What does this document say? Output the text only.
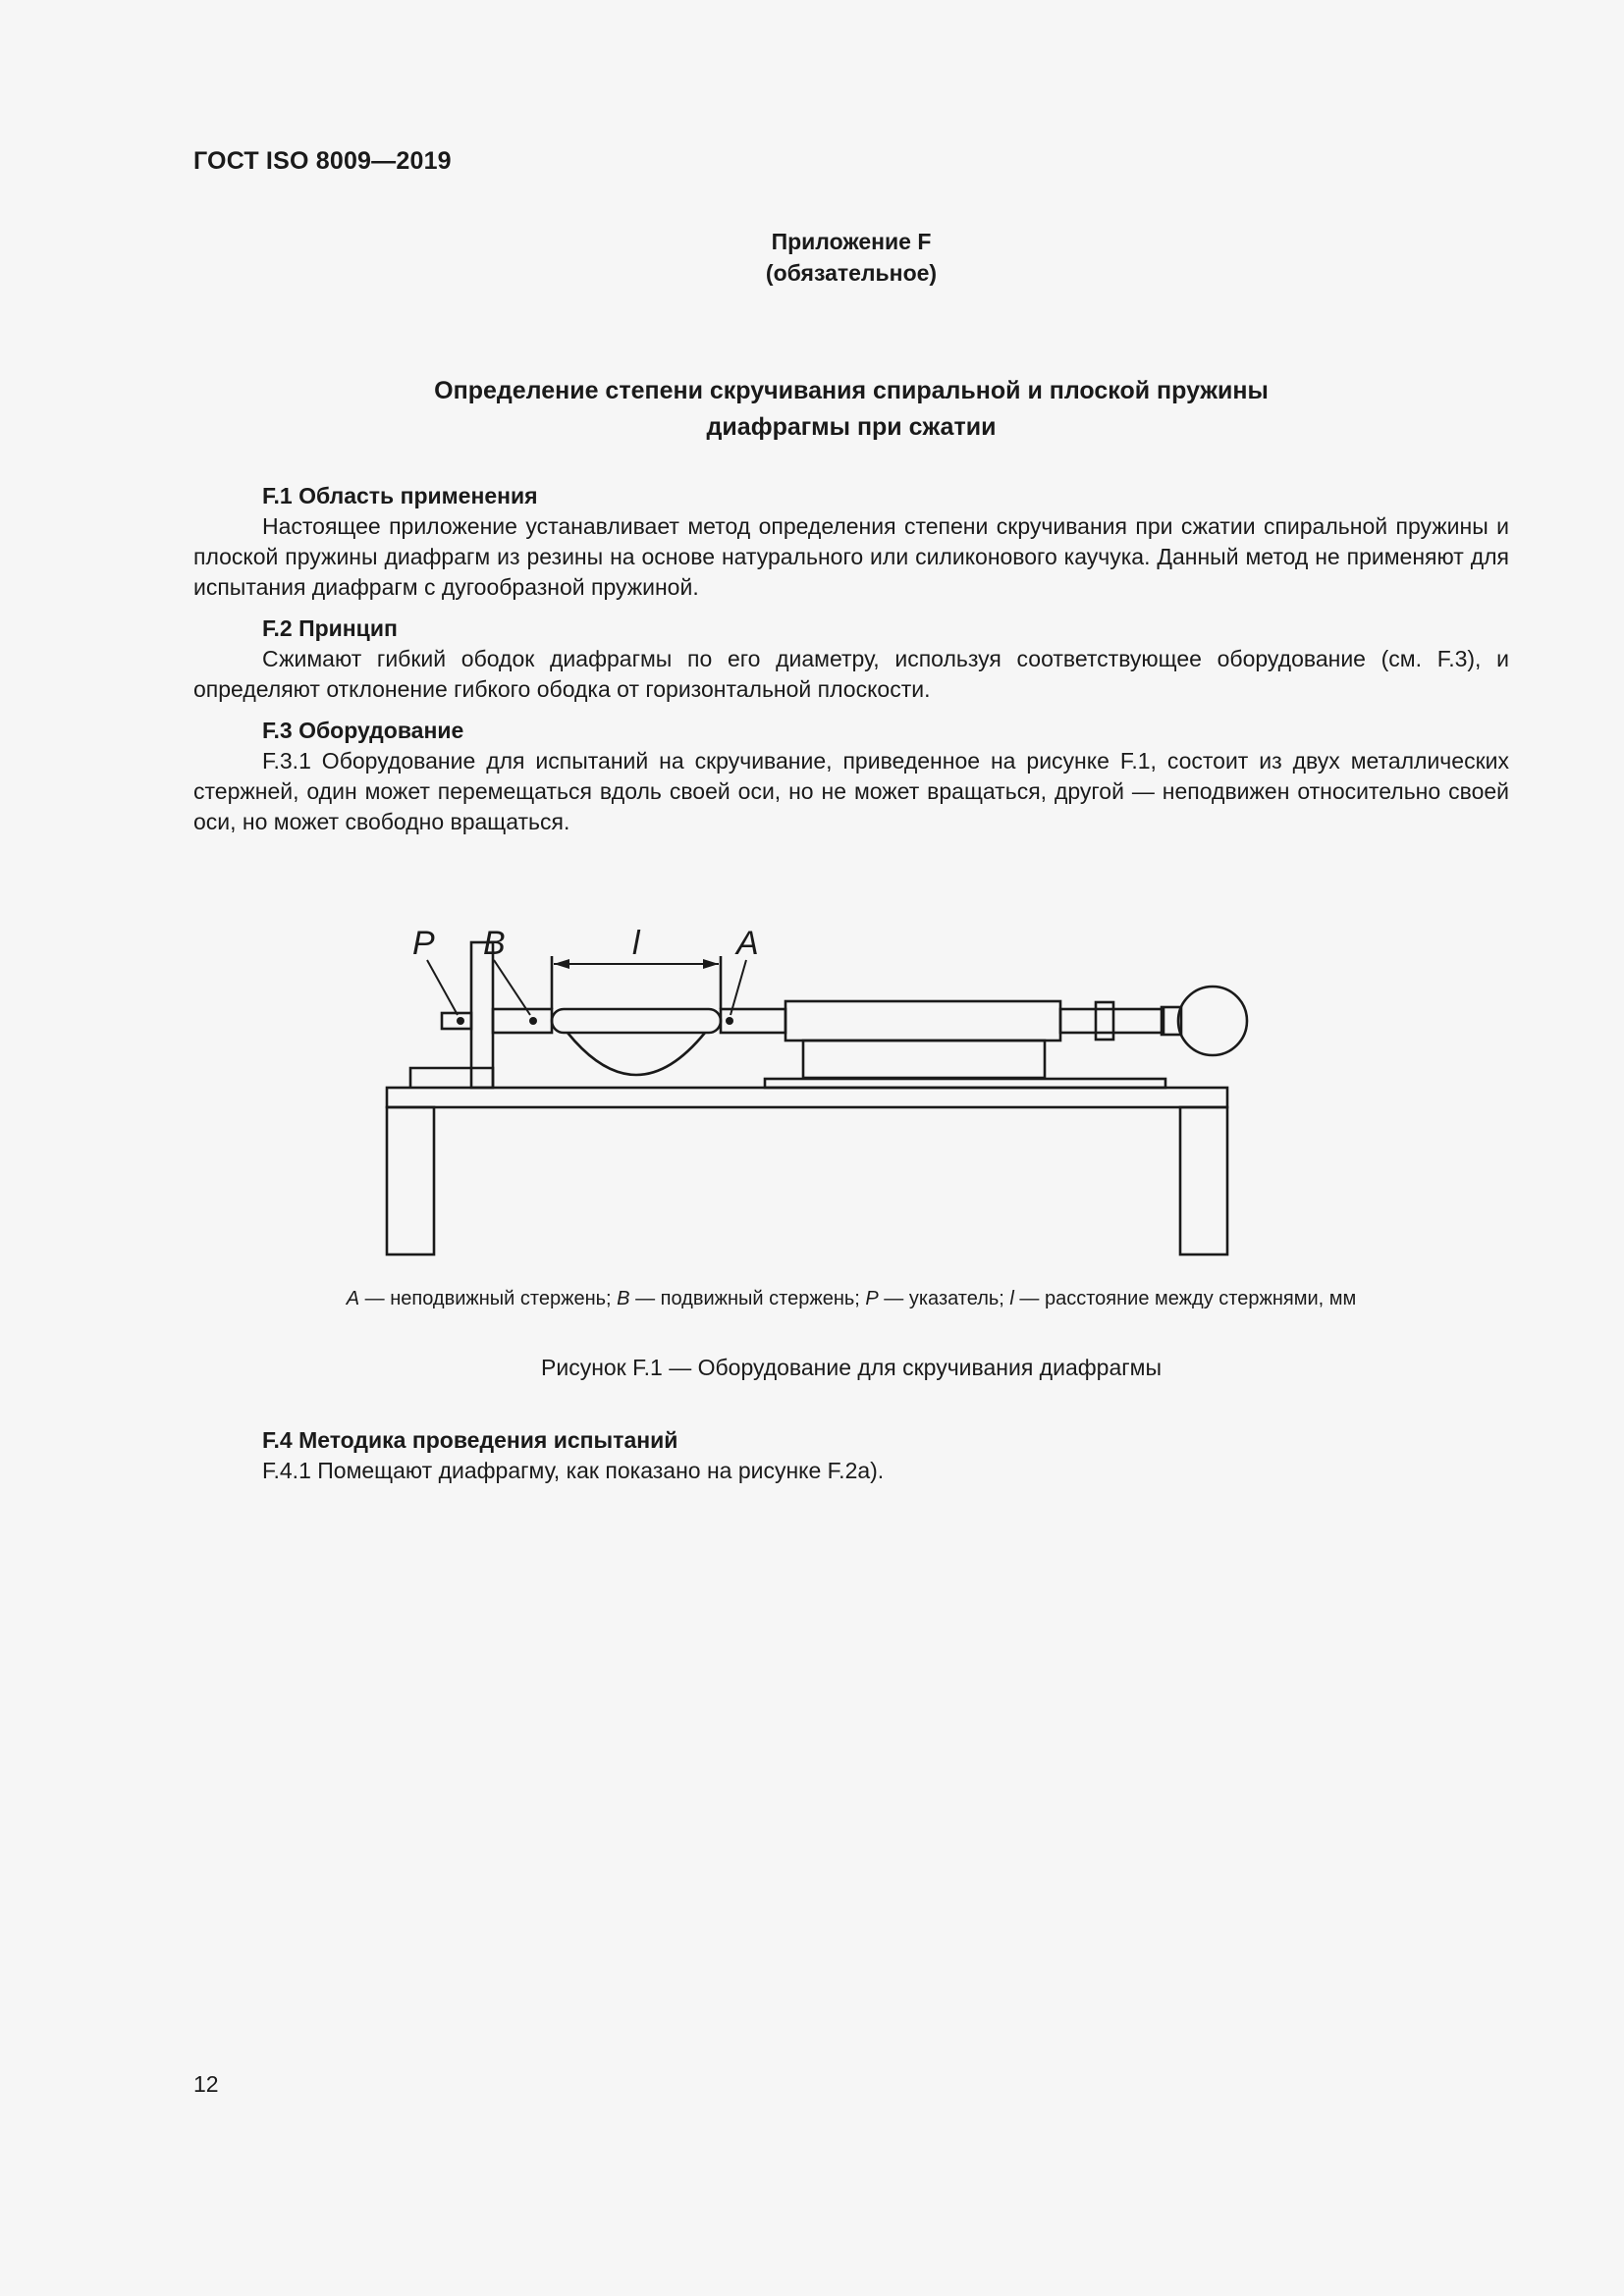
ГОСТ ISO 8009—2019
Приложение F
(обязательное)
Определение степени скручивания спиральной и плоской пружины
диафрагмы при сжатии
F.1 Область применения

Настоящее приложение устанавливает метод определения степени скручивания при сжатии спиральной пружины и плоской пружины диафрагм из резины на основе натурального или силиконового каучука. Данный метод не применяют для испытания диафрагм с дугообразной пружиной.

F.2 Принцип

Сжимают гибкий ободок диафрагмы по его диаметру, используя соответствующее оборудование (см. F.3), и определяют отклонение гибкого ободка от горизонтальной плоскости.

F.3 Оборудование

F.3.1 Оборудование для испытаний на скручивание, приведенное на рисунке F.1, состоит из двух металлических стержней, один может перемещаться вдоль своей оси, но не может вращаться, другой — неподвижен относительно своей оси, но может свободно вращаться.

P B	l	A
A — неподвижный стержень; B — подвижный стержень; P — указатель; l — расстояние между стержнями, мм
Рисунок F.1 — Оборудование для скручивания диафрагмы
F.4 Методика проведения испытаний

F.4.1 Помещают диафрагму, как показано на рисунке F.2a).

12
